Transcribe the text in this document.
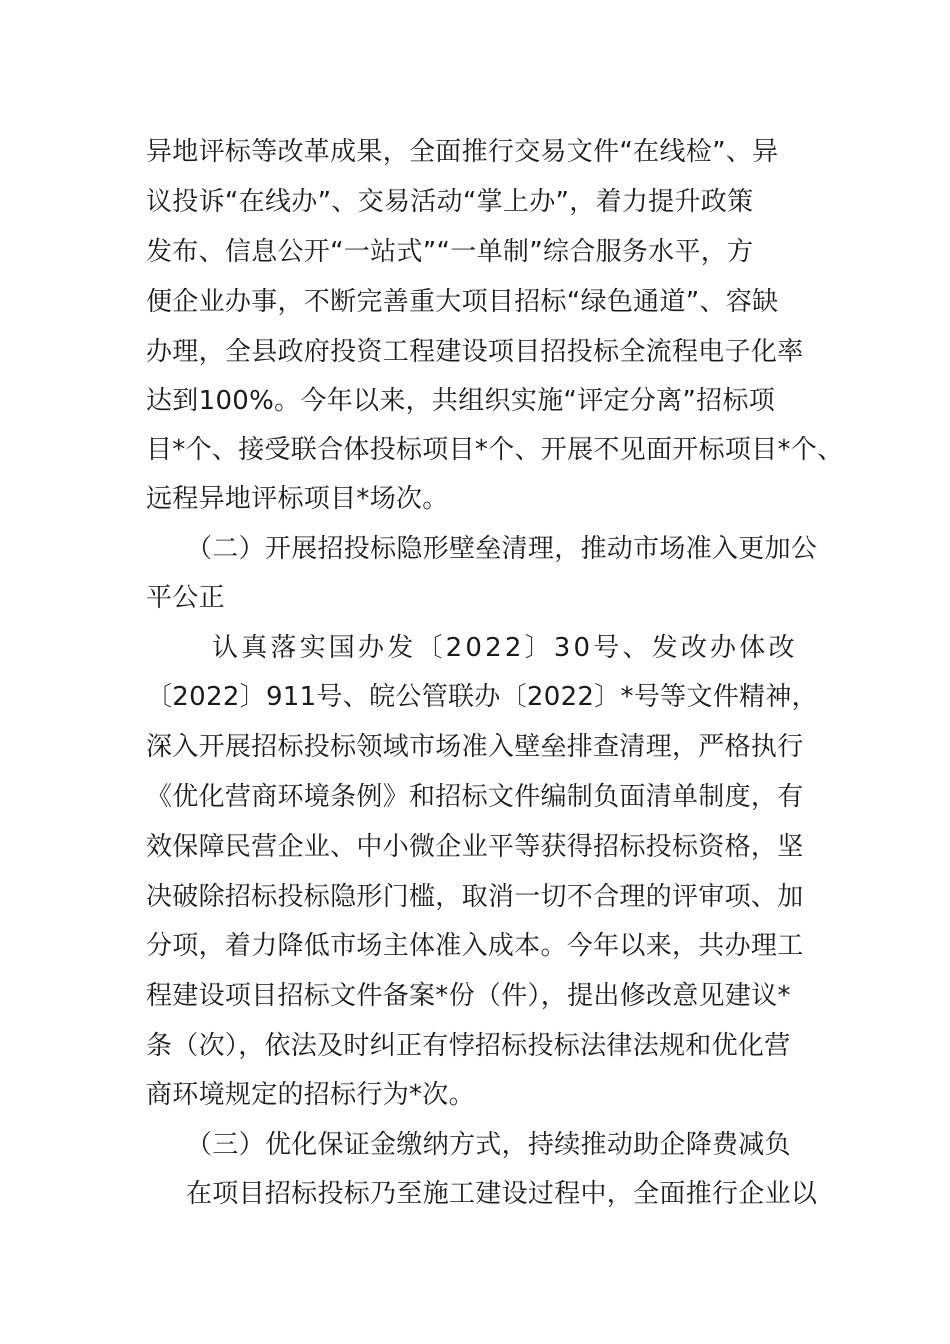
异地评标等改革成果，全面推行交易文件“在线检”、异
议投诉“在线办”、交易活动“掌上办”，着力提升政策
发布、信息公开“一站式”“一单制”综合服务水平，方
便企业办事，不断完善重大项目招标“绿色通道”、容缺
办理，全县政府投资工程建设项目招投标全流程电子化率
达到100%。今年以来，共组织实施“评定分离”招标项
目*个、接受联合体投标项目*个、开展不见面开标项目*个、
远程异地评标项目*场次。
（二）开展招投标隐形壁垒清理，推动市场准入更加公
平公正
认真落实国办发〔2022〕30号、发改办体改
〔2022〕911号、皖公管联办〔2022〕*号等文件精神，
深入开展招标投标领域市场准入壁垒排查清理，严格执行
《优化营商环境条例》和招标文件编制负面清单制度，有
效保障民营企业、中小微企业平等获得招标投标资格，坚
决破除招标投标隐形门槛，取消一切不合理的评审项、加
分项，着力降低市场主体准入成本。今年以来，共办理工
程建设项目招标文件备案*份（件），提出修改意见建议*
条（次），依法及时纠正有悖招标投标法律法规和优化营
商环境规定的招标行为*次。
（三）优化保证金缴纳方式，持续推动助企降费减负
在项目招标投标乃至施工建设过程中，全面推行企业以
